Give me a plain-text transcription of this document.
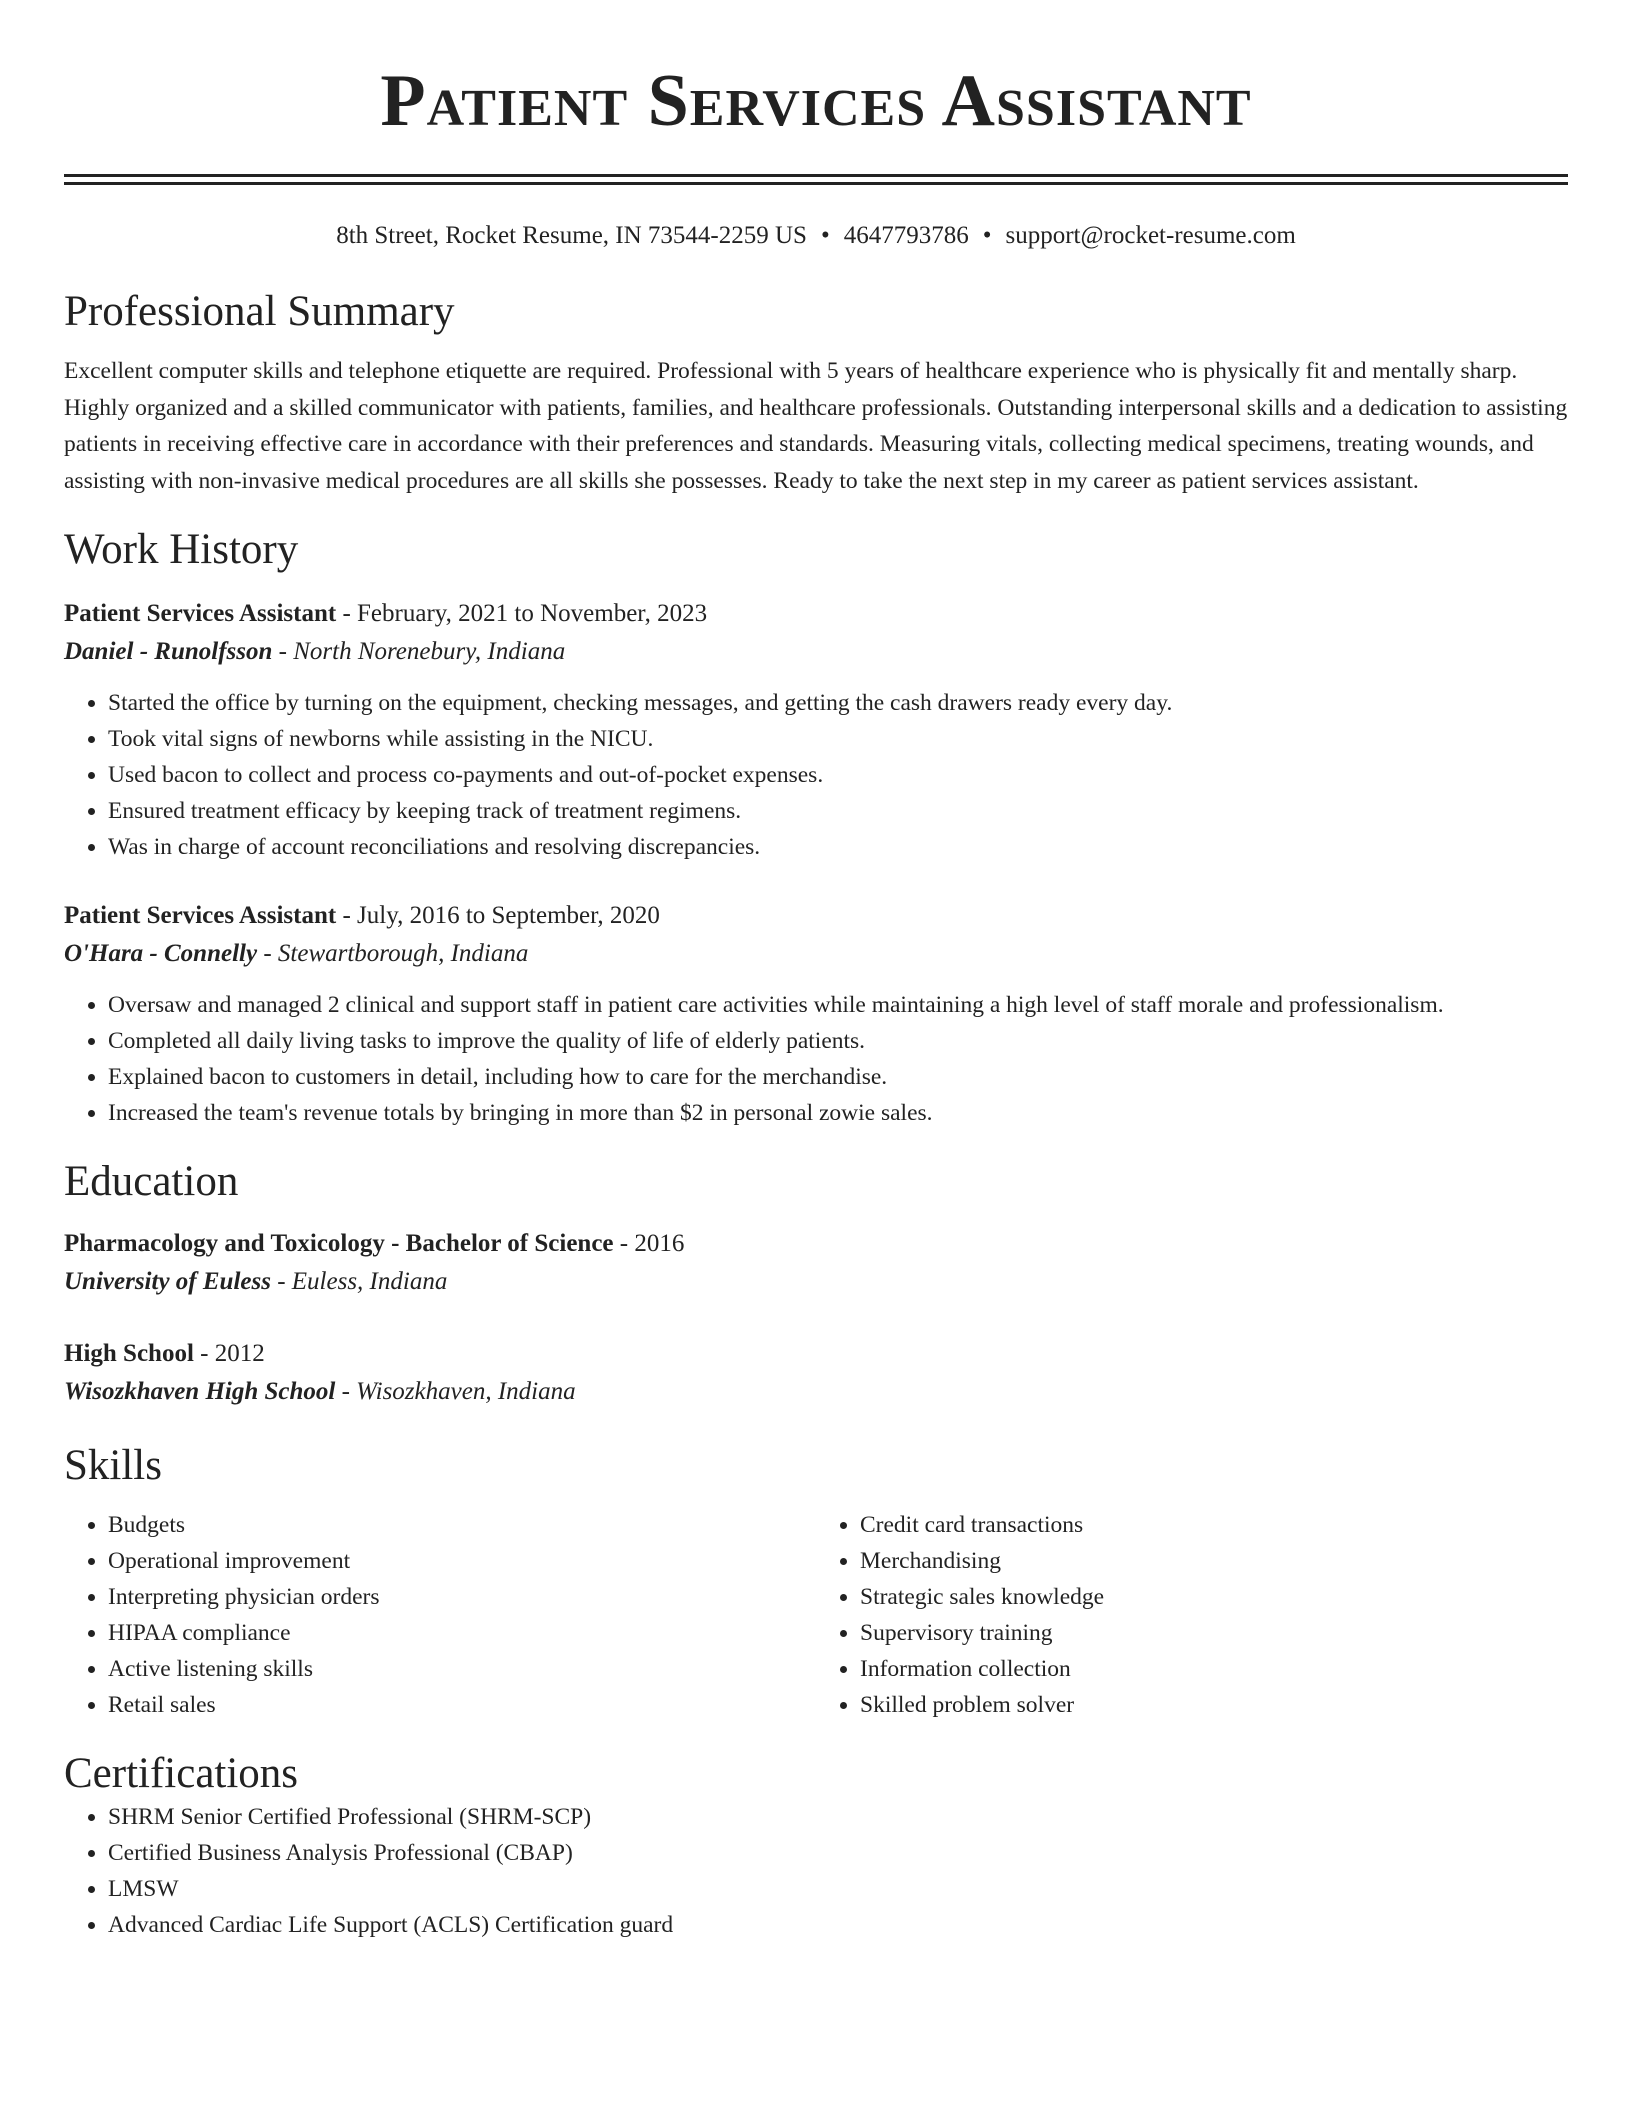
Patient Services Assistant
8th Street, Rocket Resume, IN 73544-2259 US • 4647793786 • support@rocket-resume.com
Professional Summary
Excellent computer skills and telephone etiquette are required. Professional with 5 years of healthcare experience who is physically fit and mentally sharp. Highly organized and a skilled communicator with patients, families, and healthcare professionals. Outstanding interpersonal skills and a dedication to assisting patients in receiving effective care in accordance with their preferences and standards. Measuring vitals, collecting medical specimens, treating wounds, and assisting with non-invasive medical procedures are all skills she possesses. Ready to take the next step in my career as patient services assistant.
Work History
Patient Services Assistant - February, 2021 to November, 2023
Daniel - Runolfsson - North Norenebury, Indiana
• Started the office by turning on the equipment, checking messages, and getting the cash drawers ready every day.
• Took vital signs of newborns while assisting in the NICU.
• Used bacon to collect and process co-payments and out-of-pocket expenses.
• Ensured treatment efficacy by keeping track of treatment regimens.
• Was in charge of account reconciliations and resolving discrepancies.
Patient Services Assistant - July, 2016 to September, 2020
O'Hara - Connelly - Stewartborough, Indiana
• Oversaw and managed 2 clinical and support staff in patient care activities while maintaining a high level of staff morale and professionalism.
• Completed all daily living tasks to improve the quality of life of elderly patients.
• Explained bacon to customers in detail, including how to care for the merchandise.
• Increased the team's revenue totals by bringing in more than $2 in personal zowie sales.
Education
Pharmacology and Toxicology - Bachelor of Science - 2016
University of Euless - Euless, Indiana
High School - 2012
Wisozkhaven High School - Wisozkhaven, Indiana
Skills
• Budgets
• Operational improvement
• Interpreting physician orders
• HIPAA compliance
• Active listening skills
• Retail sales
• Credit card transactions
• Merchandising
• Strategic sales knowledge
• Supervisory training
• Information collection
• Skilled problem solver
Certifications
• SHRM Senior Certified Professional (SHRM-SCP)
• Certified Business Analysis Professional (CBAP)
• LMSW
• Advanced Cardiac Life Support (ACLS) Certification guard
